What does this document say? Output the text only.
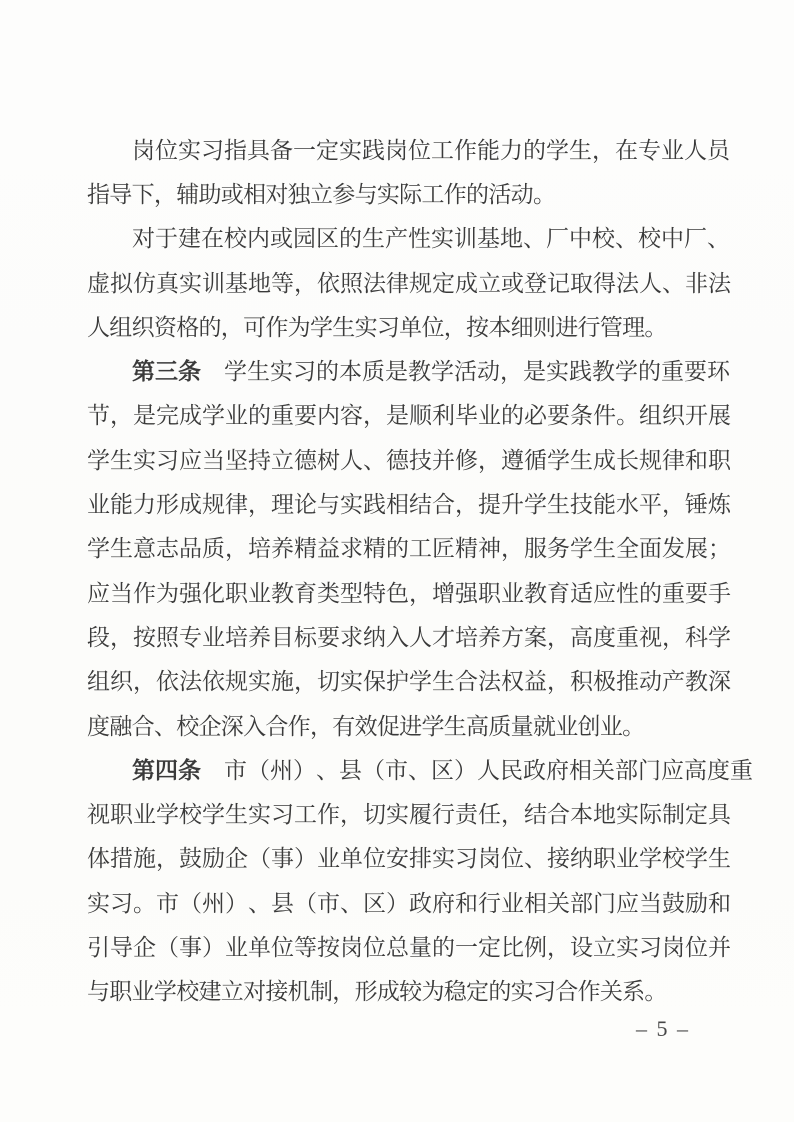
岗 位 实 习 指 具 备 一 定 实 践 岗 位 工 作 能 力 的 学 生 ， 在 专 业 人 员
指 导 下 ， 辅 助 或 相 对 独 立 参 与 实 际 工 作 的 活 动 。
对 于 建 在 校 内 或 园 区 的 生 产 性 实 训 基 地 、 厂 中 校 、 校 中 厂 、
虚 拟 仿 真 实 训 基 地 等 ， 依 照 法 律 规 定 成 立 或 登 记 取 得 法 人 、 非 法
人 组 织 资 格 的 ， 可 作 为 学 生 实 习 单 位 ， 按 本 细 则 进 行 管 理 。
第 三 条
　 学 生 实 习 的 本 质 是 教 学 活 动 ， 是 实 践 教 学 的 重 要 环
节 ， 是 完 成 学 业 的 重 要 内 容 ， 是 顺 利 毕 业 的 必 要 条 件 。 组 织 开 展
学 生 实 习 应 当 坚 持 立 德 树 人 、 德 技 并 修 ， 遵 循 学 生 成 长 规 律 和 职
业 能 力 形 成 规 律 ， 理 论 与 实 践 相 结 合 ， 提 升 学 生 技 能 水 平 ， 锤 炼
学 生 意 志 品 质 ， 培 养 精 益 求 精 的 工 匠 精 神 ， 服 务 学 生 全 面 发 展 ；
应 当 作 为 强 化 职 业 教 育 类 型 特 色 ， 增 强 职 业 教 育 适 应 性 的 重 要 手
段 ， 按 照 专 业 培 养 目 标 要 求 纳 入 人 才 培 养 方 案 ， 高 度 重 视 ， 科 学
组 织 ， 依 法 依 规 实 施 ， 切 实 保 护 学 生 合 法 权 益 ， 积 极 推 动 产 教 深
度 融 合 、 校 企 深 入 合 作 ， 有 效 促 进 学 生 高 质 量 就 业 创 业 。
第 四 条
　 市 （ 州 ） 、 县 （ 市 、 区 ） 人 民 政 府 相 关 部 门 应 高 度 重
视 职 业 学 校 学 生 实 习 工 作 ， 切 实 履 行 责 任 ， 结 合 本 地 实 际 制 定 具
体 措 施 ， 鼓 励 企 （ 事 ） 业 单 位 安 排 实 习 岗 位 、 接 纳 职 业 学 校 学 生
实 习 。 市 （ 州 ） 、 县 （ 市 、 区 ） 政 府 和 行 业 相 关 部 门 应 当 鼓 励 和
引 导 企 （ 事 ） 业 单 位 等 按 岗 位 总 量 的 一 定 比 例 ， 设 立 实 习 岗 位 并
与 职 业 学 校 建 立 对 接 机 制 ， 形 成 较 为 稳 定 的 实 习 合 作 关 系 。
– 5 –
